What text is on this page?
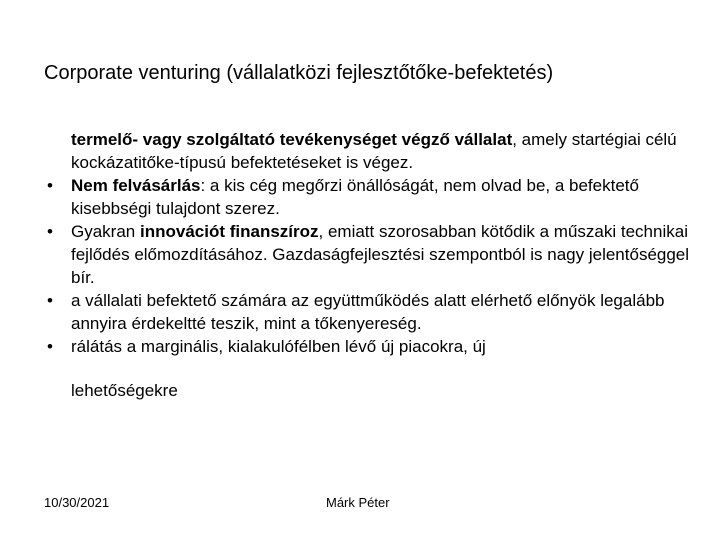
Corporate venturing (vállalatközi fejlesztőtőke-befektetés)
termelő- vagy szolgáltató tevékenységet végző vállalat, amely startégiai célú kockázatitőke-típusú befektetéseket is végez.
• Nem felvásárlás: a kis cég megőrzi önállóságát, nem olvad be, a befektető kisebbségi tulajdont szerez.
• Gyakran innovációt finanszíroz, emiatt szorosabban kötődik a műszaki technikai fejlődés előmozdításához. Gazdaságfejlesztési szempontból is nagy jelentőséggel bír.
• a vállalati befektető számára az együttműködés alatt elérhető előnyök legalább annyira érdekeltté teszik, mint a tőkenyereség.
• rálátás a marginális, kialakulófélben lévő új piacokra, új
lehetőségekre
10/30/2021	Márk Péter
